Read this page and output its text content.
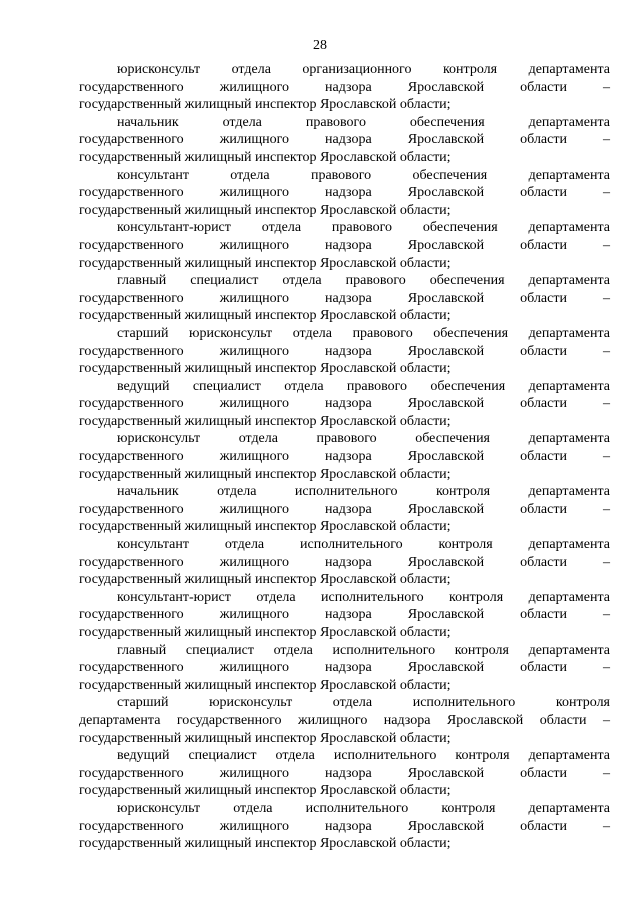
28
юрисконсульт отдела организационного контроля департамента
государственного жилищного надзора Ярославской области –
государственный жилищный инспектор Ярославской области;
начальник отдела правового обеспечения департамента
государственного жилищного надзора Ярославской области –
государственный жилищный инспектор Ярославской области;
консультант отдела правового обеспечения департамента
государственного жилищного надзора Ярославской области –
государственный жилищный инспектор Ярославской области;
консультант-юрист отдела правового обеспечения департамента
государственного жилищного надзора Ярославской области –
государственный жилищный инспектор Ярославской области;
главный специалист отдела правового обеспечения департамента
государственного жилищного надзора Ярославской области –
государственный жилищный инспектор Ярославской области;
старший юрисконсульт отдела правового обеспечения департамента
государственного жилищного надзора Ярославской области –
государственный жилищный инспектор Ярославской области;
ведущий специалист отдела правового обеспечения департамента
государственного жилищного надзора Ярославской области –
государственный жилищный инспектор Ярославской области;
юрисконсульт отдела правового обеспечения департамента
государственного жилищного надзора Ярославской области –
государственный жилищный инспектор Ярославской области;
начальник отдела исполнительного контроля департамента
государственного жилищного надзора Ярославской области –
государственный жилищный инспектор Ярославской области;
консультант отдела исполнительного контроля департамента
государственного жилищного надзора Ярославской области –
государственный жилищный инспектор Ярославской области;
консультант-юрист отдела исполнительного контроля департамента
государственного жилищного надзора Ярославской области –
государственный жилищный инспектор Ярославской области;
главный специалист отдела исполнительного контроля департамента
государственного жилищного надзора Ярославской области –
государственный жилищный инспектор Ярославской области;
старший юрисконсульт отдела исполнительного контроля
департамента государственного жилищного надзора Ярославской области –
государственный жилищный инспектор Ярославской области;
ведущий специалист отдела исполнительного контроля департамента
государственного жилищного надзора Ярославской области –
государственный жилищный инспектор Ярославской области;
юрисконсульт отдела исполнительного контроля департамента
государственного жилищного надзора Ярославской области –
государственный жилищный инспектор Ярославской области;
